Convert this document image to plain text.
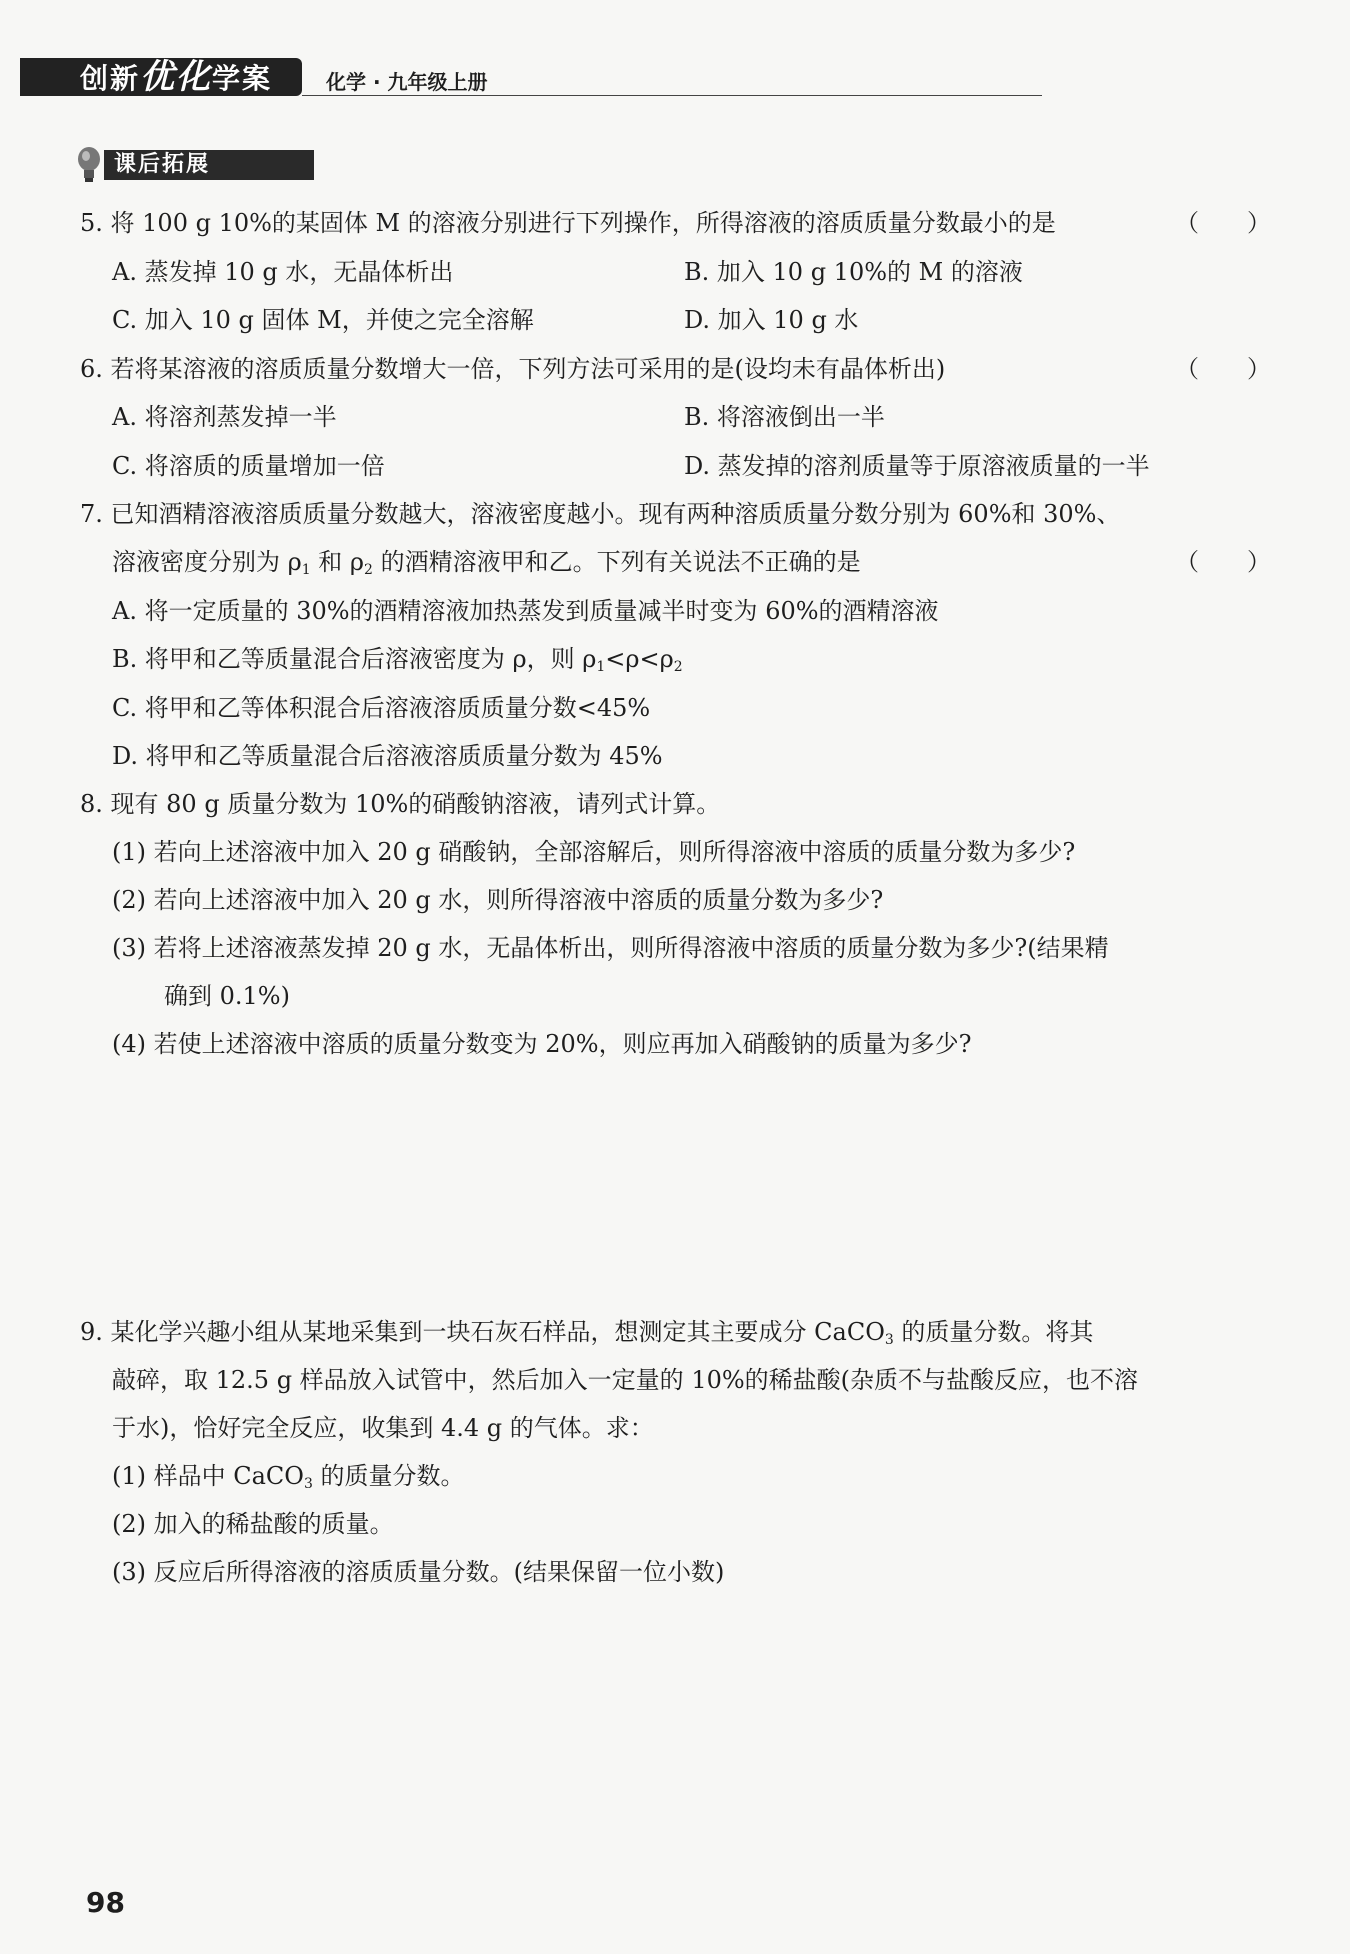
创新优化学案	化学 · 九年级上册
课后拓展
5. 将 100 g 10%的某固体 M 的溶液分别进行下列操作，所得溶液的溶质质量分数最小的是	（　　）
A. 蒸发掉 10 g 水，无晶体析出	B. 加入 10 g 10%的 M 的溶液
C. 加入 10 g 固体 M，并使之完全溶解	D. 加入 10 g 水
6. 若将某溶液的溶质质量分数增大一倍，下列方法可采用的是(设均未有晶体析出)	（　　）
A. 将溶剂蒸发掉一半	B. 将溶液倒出一半
C. 将溶质的质量增加一倍	D. 蒸发掉的溶剂质量等于原溶液质量的一半
7. 已知酒精溶液溶质质量分数越大，溶液密度越小。现有两种溶质质量分数分别为 60%和 30%、
溶液密度分别为 $\rho_1$ 和 $\rho_2$ 的酒精溶液甲和乙。下列有关说法不正确的是	（　　）
A. 将一定质量的 30%的酒精溶液加热蒸发到质量减半时变为 60%的酒精溶液
B. 将甲和乙等质量混合后溶液密度为 ρ，则 $\rho_1<\rho<\rho_2$
C. 将甲和乙等体积混合后溶液溶质质量分数<45%
D. 将甲和乙等质量混合后溶液溶质质量分数为 45%
8. 现有 80 g 质量分数为 10%的硝酸钠溶液，请列式计算。
(1) 若向上述溶液中加入 20 g 硝酸钠，全部溶解后，则所得溶液中溶质的质量分数为多少?
(2) 若向上述溶液中加入 20 g 水，则所得溶液中溶质的质量分数为多少?
(3) 若将上述溶液蒸发掉 20 g 水，无晶体析出，则所得溶液中溶质的质量分数为多少?(结果精
确到 0.1%)
(4) 若使上述溶液中溶质的质量分数变为 20%，则应再加入硝酸钠的质量为多少?
9. 某化学兴趣小组从某地采集到一块石灰石样品，想测定其主要成分 CaCO$_3$ 的质量分数。将其
敲碎，取 12.5 g 样品放入试管中，然后加入一定量的 10%的稀盐酸(杂质不与盐酸反应，也不溶
于水)，恰好完全反应，收集到 4.4 g 的气体。求：
(1) 样品中 CaCO$_3$ 的质量分数。
(2) 加入的稀盐酸的质量。
(3) 反应后所得溶液的溶质质量分数。(结果保留一位小数)
98
